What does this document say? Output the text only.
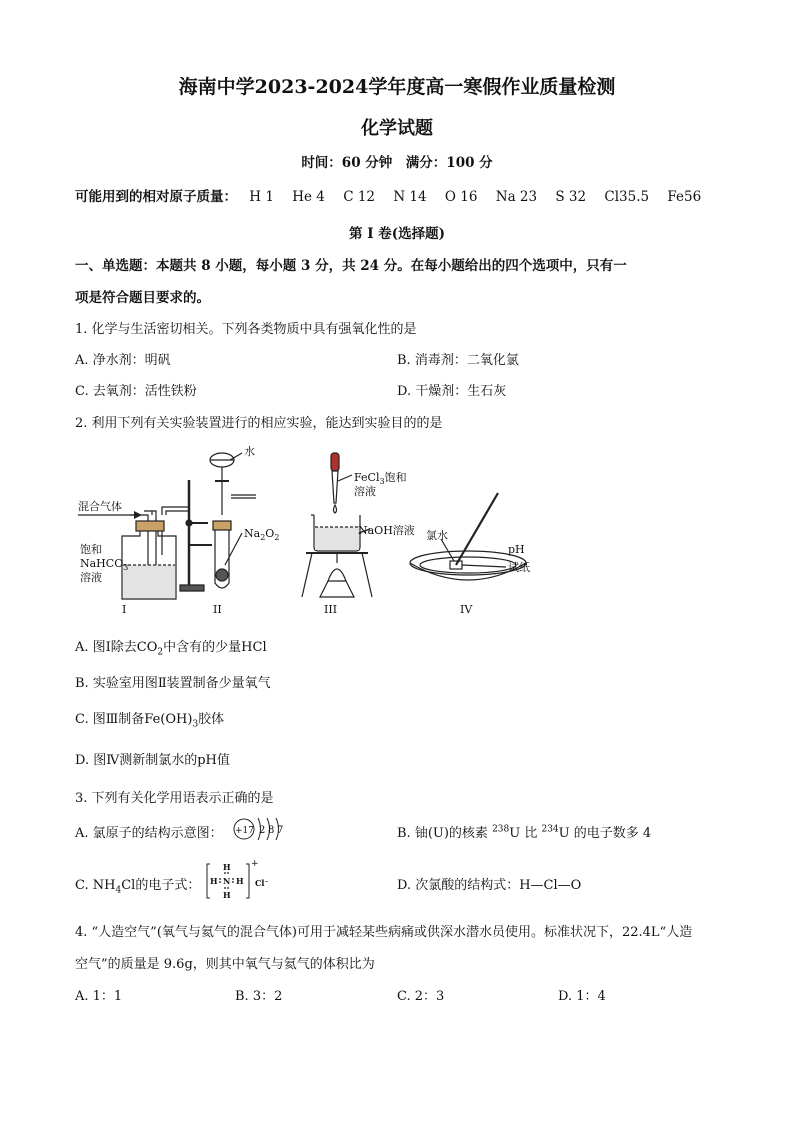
海南中学2023-2024学年度高一寒假作业质量检测
化学试题
时间：60 分钟　满分：100 分
可能用到的相对原子质量： H 1 He 4 C 12 N 14 O 16 Na 23 S 32 Cl35.5 Fe56
第 I 卷(选择题)
一、单选题：本题共 8 小题，每小题 3 分，共 24 分。在每小题给出的四个选项中，只有一
项是符合题目要求的。
1. 化学与生活密切相关。下列各类物质中具有强氧化性的是
A. 净水剂：明矾	B. 消毒剂：二氧化氯
C. 去氧剂：活性铁粉	D. 干燥剂：生石灰
2. 利用下列有关实验装置进行的相应实验，能达到实验目的的是
混合气体
饱和
NaHCO$_3$
溶液
I
水
$Na_2O_2$
II
FeCl$_3$饱和
溶液
NaOH溶液
III
氯水
pH
试纸
IV
A. 图Ⅰ除去$CO_2$中含有的少量HCl
B. 实验室用图Ⅱ装置制备少量氧气
C. 图Ⅲ制备$Fe(OH)_3$胶体
D. 图Ⅳ测新制氯水的pH值
3. 下列有关化学用语表示正确的是
A. 氯原子的结构示意图： +17 2 8 7	B. 铀(U)的核素 $^{238}$U 比 $^{234}$U 的电子数多 4
C. $NH_4Cl$的电子式：
H
H N H
H
+
Cl⁻	D. 次氯酸的结构式：H—Cl—O
4. “人造空气”(氧气与氦气的混合气体)可用于减轻某些病痛或供深水潜水员使用。标准状况下，22.4L“人造
空气”的质量是 9.6g，则其中氧气与氦气的体积比为
A. 1：1	B. 3：2	C. 2：3	D. 1：4
